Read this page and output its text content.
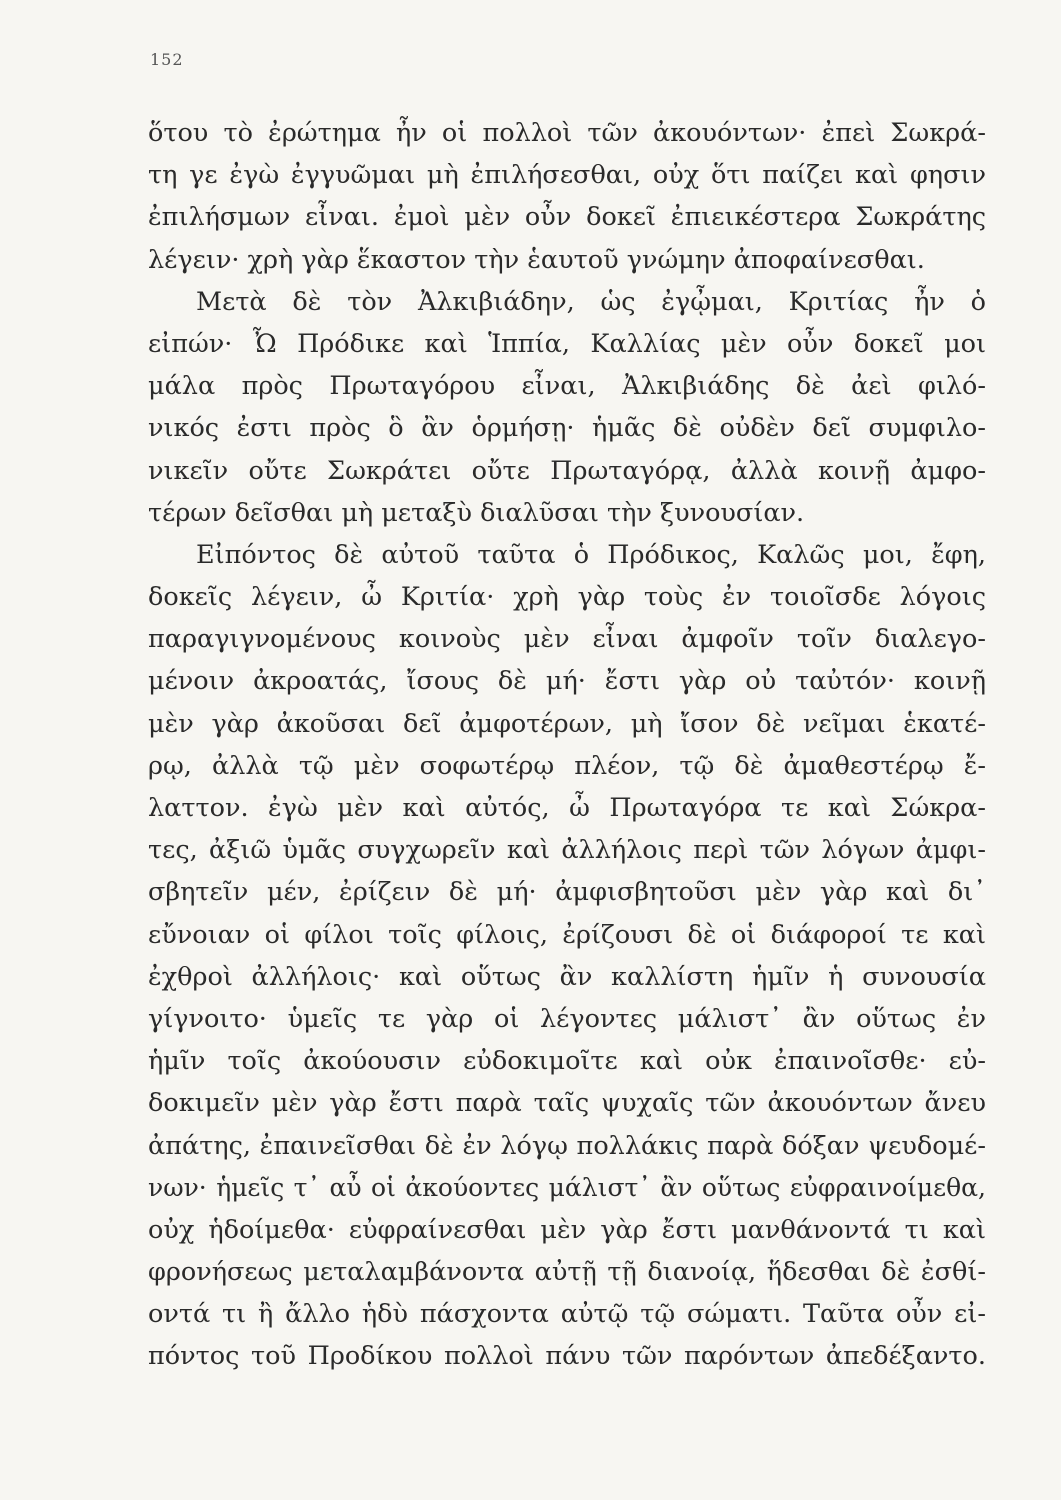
152
ὅτου τὸ ἐρώτημα ἦν οἱ πολλοὶ τῶν ἀκουόντων· ἐπεὶ Σωκρά-
τη γε ἐγὼ ἐγγυῶμαι μὴ ἐπιλήσεσθαι, οὐχ ὅτι παίζει καὶ φησιν
ἐπιλήσμων εἶναι. ἐμοὶ μὲν οὖν δοκεῖ ἐπιεικέστερα Σωκράτης
λέγειν· χρὴ γὰρ ἕκαστον τὴν ἑαυτοῦ γνώμην ἀποφαίνεσθαι.
Μετὰ δὲ τὸν Ἀλκιβιάδην, ὡς ἐγᾦμαι, Κριτίας ἦν ὁ
εἰπών· Ὦ Πρόδικε καὶ Ἱππία, Καλλίας μὲν οὖν δοκεῖ μοι
μάλα πρὸς Πρωταγόρου εἶναι, Ἀλκιβιάδης δὲ ἀεὶ φιλό-
νικός ἐστι πρὸς ὃ ἂν ὁρμήσῃ· ἡμᾶς δὲ οὐδὲν δεῖ συμφιλο-
νικεῖν οὔτε Σωκράτει οὔτε Πρωταγόρᾳ, ἀλλὰ κοινῇ ἀμφο-
τέρων δεῖσθαι μὴ μεταξὺ διαλῦσαι τὴν ξυνουσίαν.
Εἰπόντος δὲ αὐτοῦ ταῦτα ὁ Πρόδικος, Καλῶς μοι, ἔφη,
δοκεῖς λέγειν, ὦ Κριτία· χρὴ γὰρ τοὺς ἐν τοιοῖσδε λόγοις
παραγιγνομένους κοινοὺς μὲν εἶναι ἀμφοῖν τοῖν διαλεγο-
μένοιν ἀκροατάς, ἴσους δὲ μή· ἔστι γὰρ οὐ ταὐτόν· κοινῇ
μὲν γὰρ ἀκοῦσαι δεῖ ἀμφοτέρων, μὴ ἴσον δὲ νεῖμαι ἑκατέ-
ρῳ, ἀλλὰ τῷ μὲν σοφωτέρῳ πλέον, τῷ δὲ ἀμαθεστέρῳ ἔ-
λαττον. ἐγὼ μὲν καὶ αὐτός, ὦ Πρωταγόρα τε καὶ Σώκρα-
τες, ἀξιῶ ὑμᾶς συγχωρεῖν καὶ ἀλλήλοις περὶ τῶν λόγων ἀμφι-
σβητεῖν μέν, ἐρίζειν δὲ μή· ἀμφισβητοῦσι μὲν γὰρ καὶ δι᾽
εὔνοιαν οἱ φίλοι τοῖς φίλοις, ἐρίζουσι δὲ οἱ διάφοροί τε καὶ
ἐχθροὶ ἀλλήλοις· καὶ οὕτως ἂν καλλίστη ἡμῖν ἡ συνουσία
γίγνοιτο· ὑμεῖς τε γὰρ οἱ λέγοντες μάλιστ᾽ ἂν οὕτως ἐν
ἡμῖν τοῖς ἀκούουσιν εὐδοκιμοῖτε καὶ οὐκ ἐπαινοῖσθε· εὐ-
δοκιμεῖν μὲν γὰρ ἔστι παρὰ ταῖς ψυχαῖς τῶν ἀκουόντων ἄνευ
ἀπάτης, ἐπαινεῖσθαι δὲ ἐν λόγῳ πολλάκις παρὰ δόξαν ψευδομέ-
νων· ἡμεῖς τ᾽ αὖ οἱ ἀκούοντες μάλιστ᾽ ἂν οὕτως εὐφραινοίμεθα,
οὐχ ἡδοίμεθα· εὐφραίνεσθαι μὲν γὰρ ἔστι μανθάνοντά τι καὶ
φρονήσεως μεταλαμβάνοντα αὐτῇ τῇ διανοίᾳ, ἥδεσθαι δὲ ἐσθί-
οντά τι ἢ ἄλλο ἡδὺ πάσχοντα αὐτῷ τῷ σώματι. Ταῦτα οὖν εἰ-
πόντος τοῦ Προδίκου πολλοὶ πάνυ τῶν παρόντων ἀπεδέξαντο.
